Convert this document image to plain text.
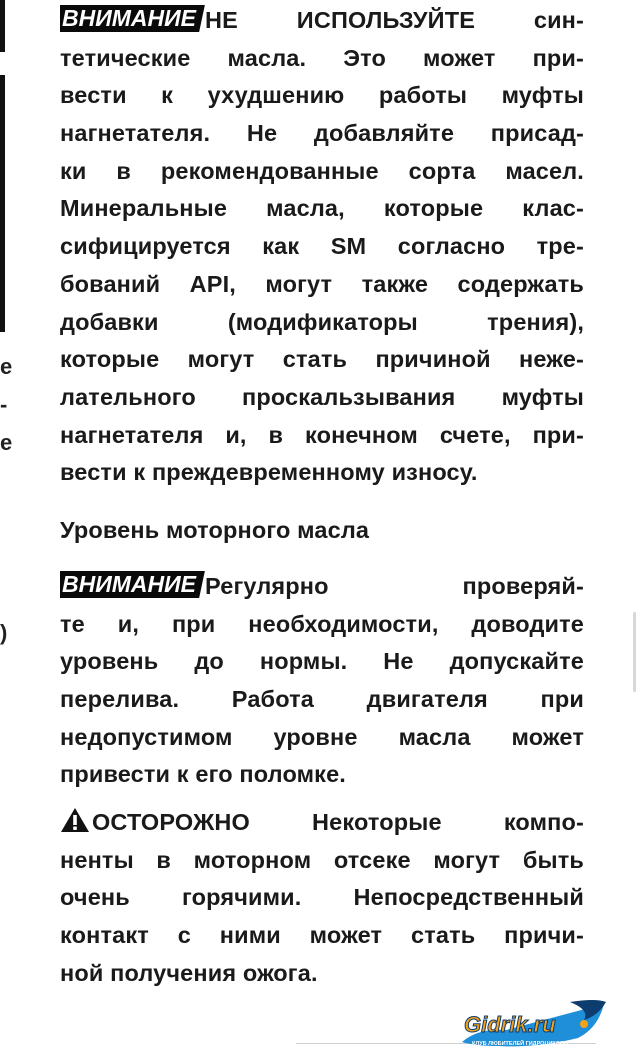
е
-
е
)
ВНИМАНИЕ НЕ ИСПОЛЬЗУЙТЕ син-
тетические масла. Это может при-
вести к ухудшению работы муфты
нагнетателя. Не добавляйте присад-
ки в рекомендованные сорта масел.
Минеральные масла, которые клас-
сифицируется как SM согласно тре-
бований API, могут также содержать
добавки (модификаторы трения),
которые могут стать причиной неже-
лательного проскальзывания муфты
нагнетателя и, в конечном счете, при-
вести к преждевременному износу.
Уровень моторного масла
ВНИМАНИЕ Регулярно проверяй-
те и, при необходимости, доводите
уровень до нормы. Не допускайте
перелива. Работа двигателя при
недопустимом уровне масла может
привести к его поломке.
ОСТОРОЖНО	Некоторые компо-
ненты в моторном отсеке могут быть
очень горячими. Непосредственный
контакт с ними может стать причи-
ной получения ожога.
Gidrik.ru
КЛУБ ЛЮБИТЕЛЕЙ ГИДРОЦИКЛОВ
